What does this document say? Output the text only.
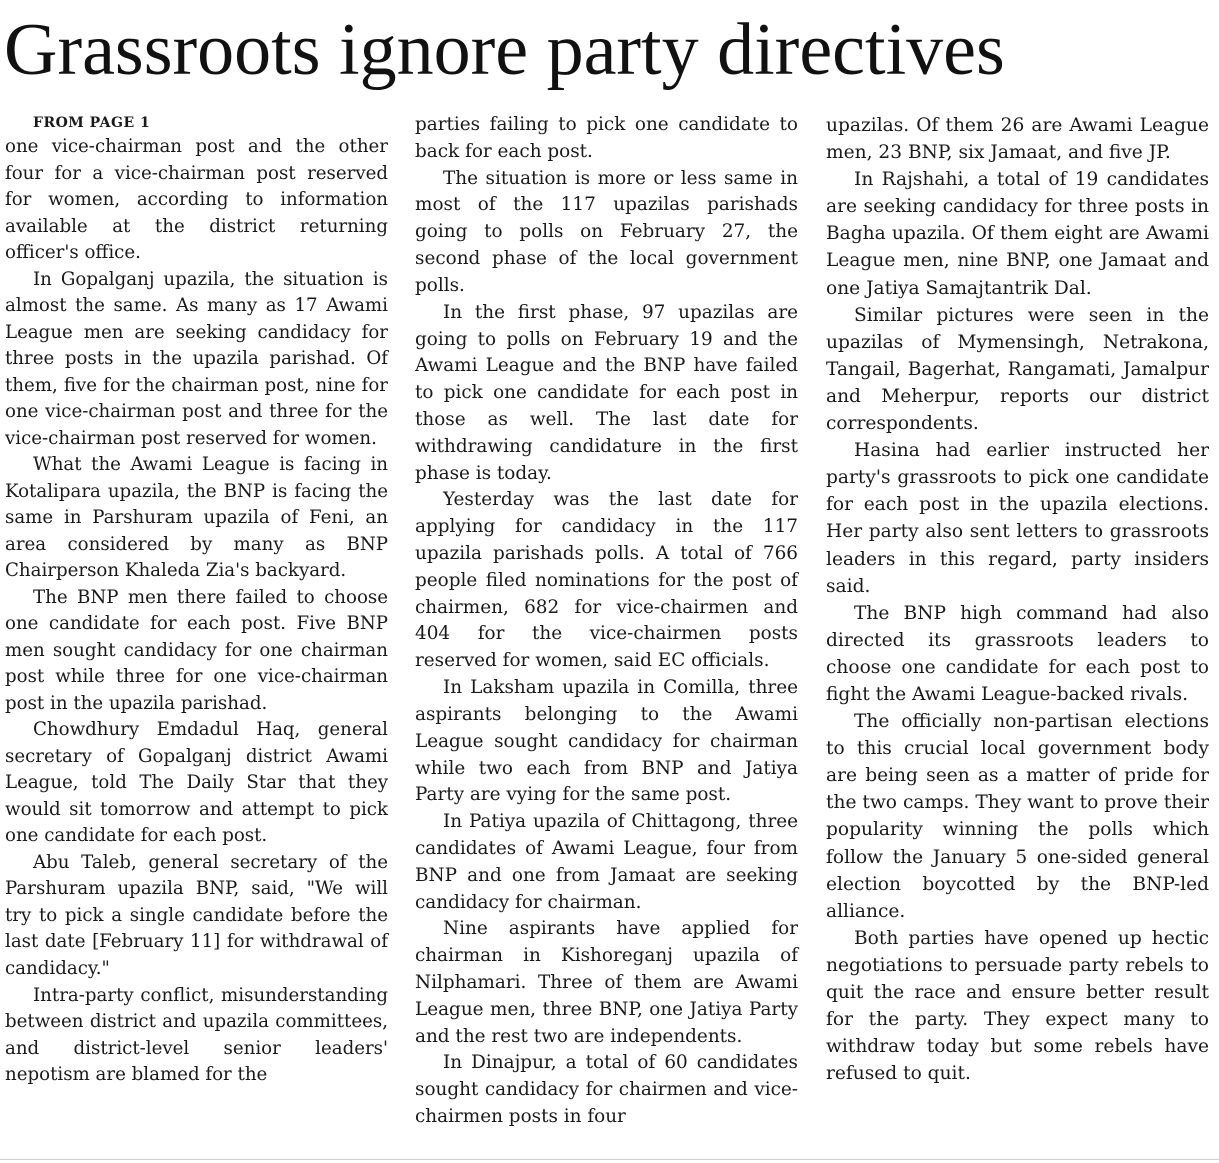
Grassroots ignore party directives

FROM PAGE 1

one vice-chairman post and the other four for a vice-chairman post reserved for women, according to information available at the district returning officer's office.

In Gopalganj upazila, the situation is almost the same. As many as 17 Awami League men are seeking candidacy for three posts in the upazila parishad. Of them, five for the chairman post, nine for one vice-chairman post and three for the vice-chairman post reserved for women.

What the Awami League is facing in Kotalipara upazila, the BNP is facing the same in Parshuram upazila of Feni, an area considered by many as BNP Chairperson Khaleda Zia's backyard.

The BNP men there failed to choose one candidate for each post. Five BNP men sought candidacy for one chairman post while three for one vice-chairman post in the upazila parishad.

Chowdhury Emdadul Haq, general secretary of Gopalganj district Awami League, told The Daily Star that they would sit tomorrow and attempt to pick one candidate for each post.

Abu Taleb, general secretary of the Parshuram upazila BNP, said, "We will try to pick a single candidate before the last date [February 11] for withdrawal of candidacy."

Intra-party conflict, misunderstanding between district and upazila committees, and district-level senior leaders' nepotism are blamed for the

parties failing to pick one candidate to back for each post.

The situation is more or less same in most of the 117 upazilas parishads going to polls on February 27, the second phase of the local government polls.

In the first phase, 97 upazilas are going to polls on February 19 and the Awami League and the BNP have failed to pick one candidate for each post in those as well. The last date for withdrawing candidature in the first phase is today.

Yesterday was the last date for applying for candidacy in the 117 upazila parishads polls. A total of 766 people filed nominations for the post of chairmen, 682 for vice-chairmen and 404 for the vice-chairmen posts reserved for women, said EC officials.

In Laksham upazila in Comilla, three aspirants belonging to the Awami League sought candidacy for chairman while two each from BNP and Jatiya Party are vying for the same post.

In Patiya upazila of Chittagong, three candidates of Awami League, four from BNP and one from Jamaat are seeking candidacy for chairman.

Nine aspirants have applied for chairman in Kishoreganj upazila of Nilphamari. Three of them are Awami League men, three BNP, one Jatiya Party and the rest two are independents.

In Dinajpur, a total of 60 candidates sought candidacy for chairmen and vice-chairmen posts in four

upazilas. Of them 26 are Awami League men, 23 BNP, six Jamaat, and five JP.

In Rajshahi, a total of 19 candidates are seeking candidacy for three posts in Bagha upazila. Of them eight are Awami League men, nine BNP, one Jamaat and one Jatiya Samajtantrik Dal.

Similar pictures were seen in the upazilas of Mymensingh, Netrakona, Tangail, Bagerhat, Rangamati, Jamalpur and Meherpur, reports our district correspondents.

Hasina had earlier instructed her party's grassroots to pick one candidate for each post in the upazila elections. Her party also sent letters to grassroots leaders in this regard, party insiders said.

The BNP high command had also directed its grassroots leaders to choose one candidate for each post to fight the Awami League-backed rivals.

The officially non-partisan elections to this crucial local government body are being seen as a matter of pride for the two camps. They want to prove their popularity winning the polls which follow the January 5 one-sided general election boycotted by the BNP-led alliance.

Both parties have opened up hectic negotiations to persuade party rebels to quit the race and ensure better result for the party. They expect many to withdraw today but some rebels have refused to quit.
